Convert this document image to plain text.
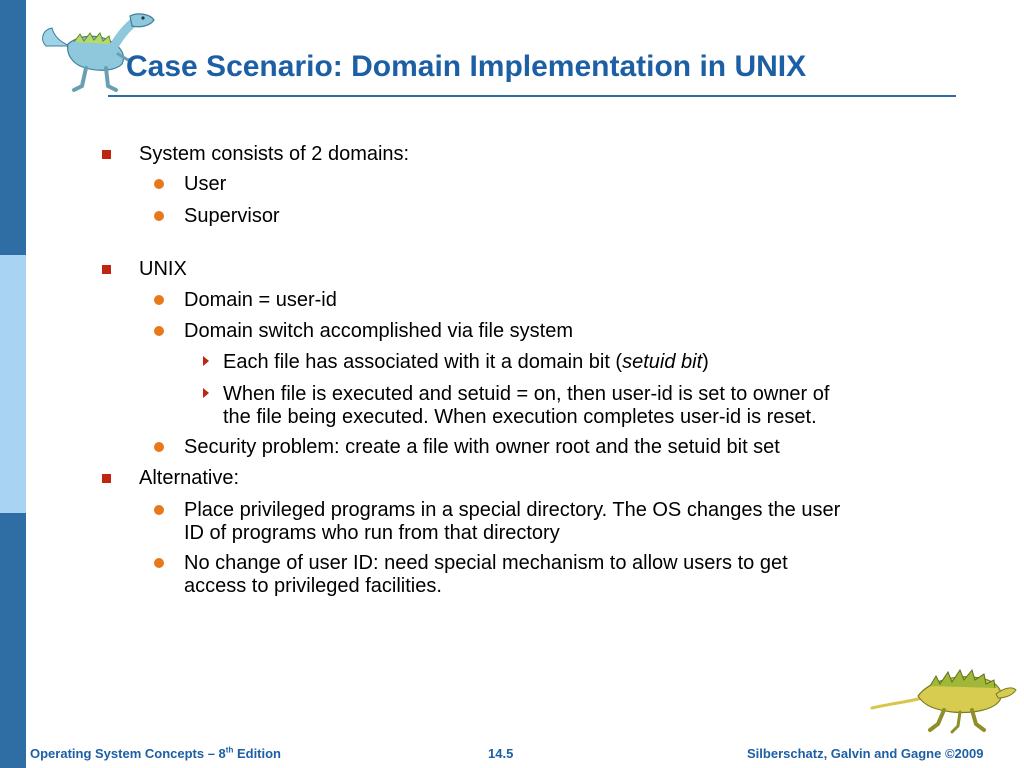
Case Scenario: Domain Implementation in UNIX
System consists of 2 domains:
User
Supervisor
UNIX
Domain = user-id
Domain switch accomplished via file system
Each file has associated with it a domain bit (setuid bit)
When file is executed and setuid = on, then user-id is set to owner of
the file being executed. When execution completes user-id is reset.
Security problem: create a file with owner root and the setuid bit set
Alternative:
Place privileged programs in a special directory. The OS changes the user
ID of programs who run from that directory
No change of user ID: need special mechanism to allow users to get
access to privileged facilities.
Operating System Concepts – 8th Edition	14.5	Silberschatz, Galvin and Gagne ©2009
